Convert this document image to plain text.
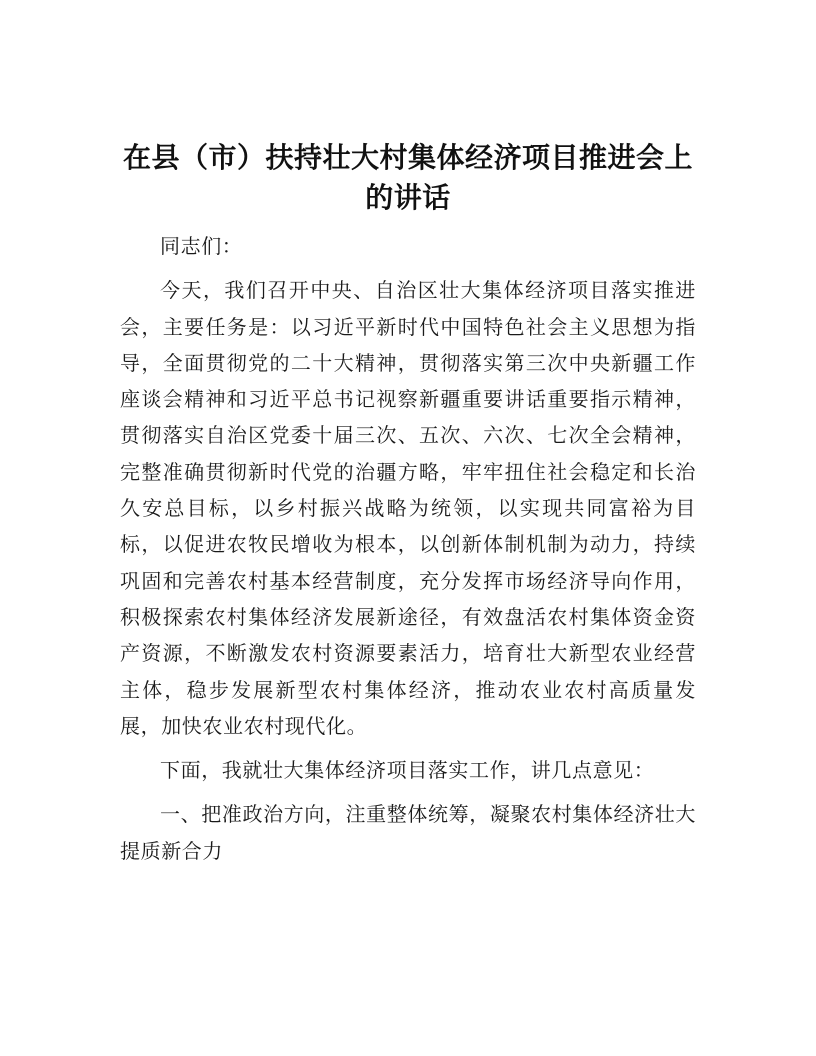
在县（市）扶持壮大村集体经济项目推进会上的讲话

同志们：

今天，我们召开中央、自治区壮大集体经济项目落实推进会，主要任务是：以习近平新时代中国特色社会主义思想为指导，全面贯彻党的二十大精神，贯彻落实第三次中央新疆工作座谈会精神和习近平总书记视察新疆重要讲话重要指示精神，贯彻落实自治区党委十届三次、五次、六次、七次全会精神，完整准确贯彻新时代党的治疆方略，牢牢扭住社会稳定和长治久安总目标，以乡村振兴战略为统领，以实现共同富裕为目标，以促进农牧民增收为根本，以创新体制机制为动力，持续巩固和完善农村基本经营制度，充分发挥市场经济导向作用，积极探索农村集体经济发展新途径，有效盘活农村集体资金资产资源，不断激发农村资源要素活力，培育壮大新型农业经营主体，稳步发展新型农村集体经济，推动农业农村高质量发展，加快农业农村现代化。

下面，我就壮大集体经济项目落实工作，讲几点意见：

一、把准政治方向，注重整体统筹，凝聚农村集体经济壮大提质新合力
